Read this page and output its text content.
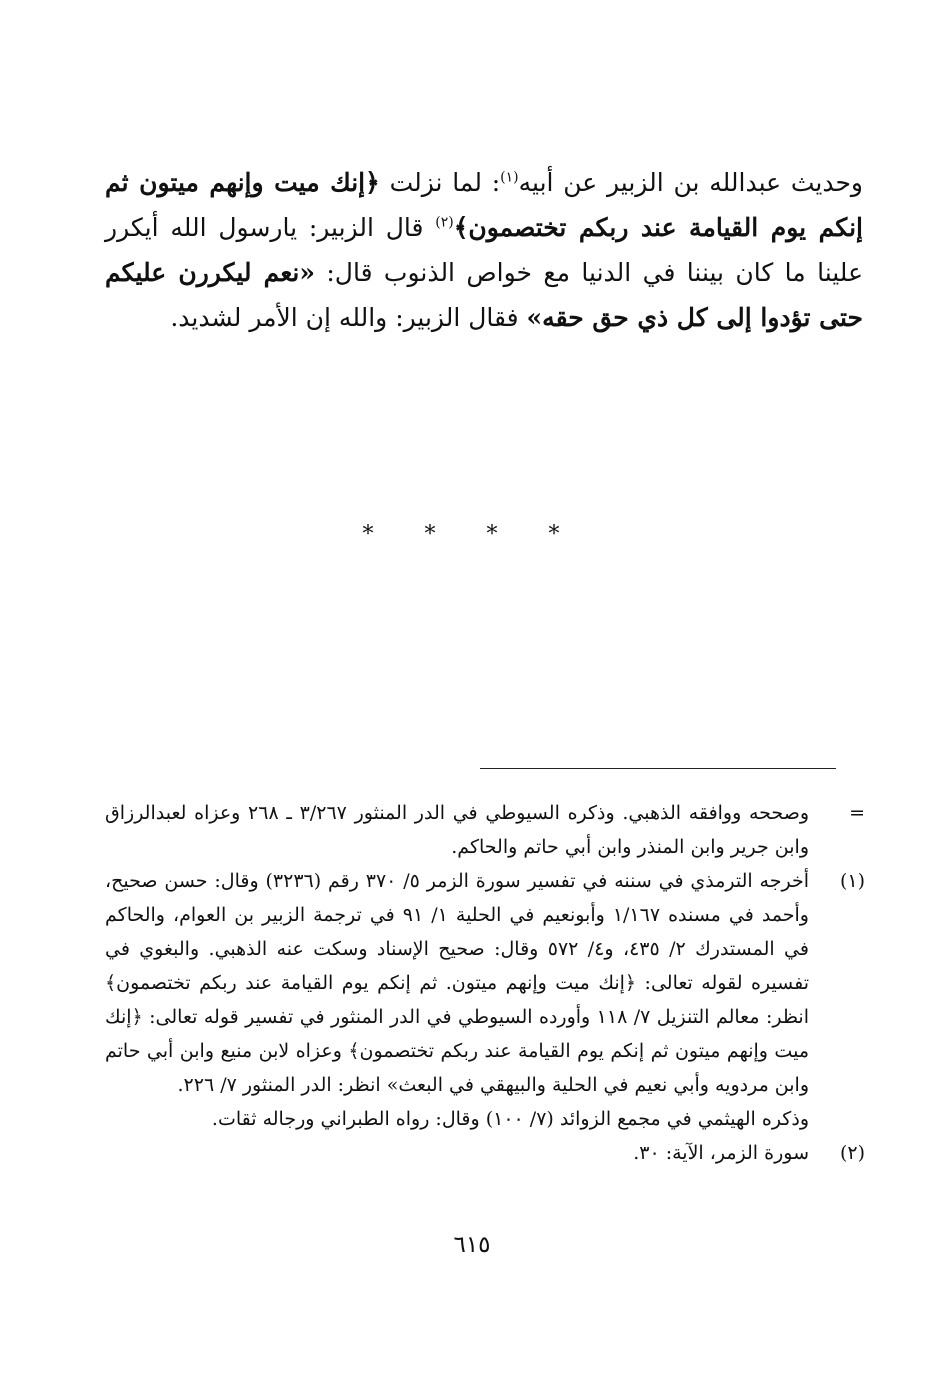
وحديث عبدالله بن الزبير عن أبيه$^{(١)}$: لما نزلت ﴿إنك ميت وإنهم ميتون ثم إنكم يوم القيامة عند ربكم تختصمون﴾$^{(٢)}$ قال الزبير: يارسول الله أيكرر علينا ما كان بيننا في الدنيا مع خواص الذنوب قال: «نعم ليكررن عليكم حتى تؤدوا إلى كل ذي حق حقه» فقال الزبير: والله إن الأمر لشديد.
* * * *
=
وصححه ووافقه الذهبي. وذكره السيوطي في الدر المنثور ٣/٢٦٧ ـ ٢٦٨ وعزاه لعبدالرزاق وابن جرير وابن المنذر وابن أبي حاتم والحاكم.
(١)
أخرجه الترمذي في سننه في تفسير سورة الزمر ٥/ ٣٧٠ رقم (٣٢٣٦) وقال: حسن صحيح، وأحمد في مسنده ١/١٦٧ وأبونعيم في الحلية ١/ ٩١ في ترجمة الزبير بن العوام، والحاكم في المستدرك ٢/ ٤٣٥، و٤/ ٥٧٢ وقال: صحيح الإسناد وسكت عنه الذهبي. والبغوي في تفسيره لقوله تعالى: ﴿إنك ميت وإنهم ميتون. ثم إنكم يوم القيامة عند ربكم تختصمون﴾ انظر: معالم التنزيل ٧/ ١١٨ وأورده السيوطي في الدر المنثور في تفسير قوله تعالى: ﴿إنك ميت وإنهم ميتون ثم إنكم يوم القيامة عند ربكم تختصمون﴾ وعزاه لابن منيع وابن أبي حاتم وابن مردويه وأبي نعيم في الحلية والبيهقي في البعث» انظر: الدر المنثور ٧/ ٢٢٦.
وذكره الهيثمي في مجمع الزوائد (٧/ ١٠٠) وقال: رواه الطبراني ورجاله ثقات.
(٢)
سورة الزمر، الآية: ٣٠.
٦١٥
